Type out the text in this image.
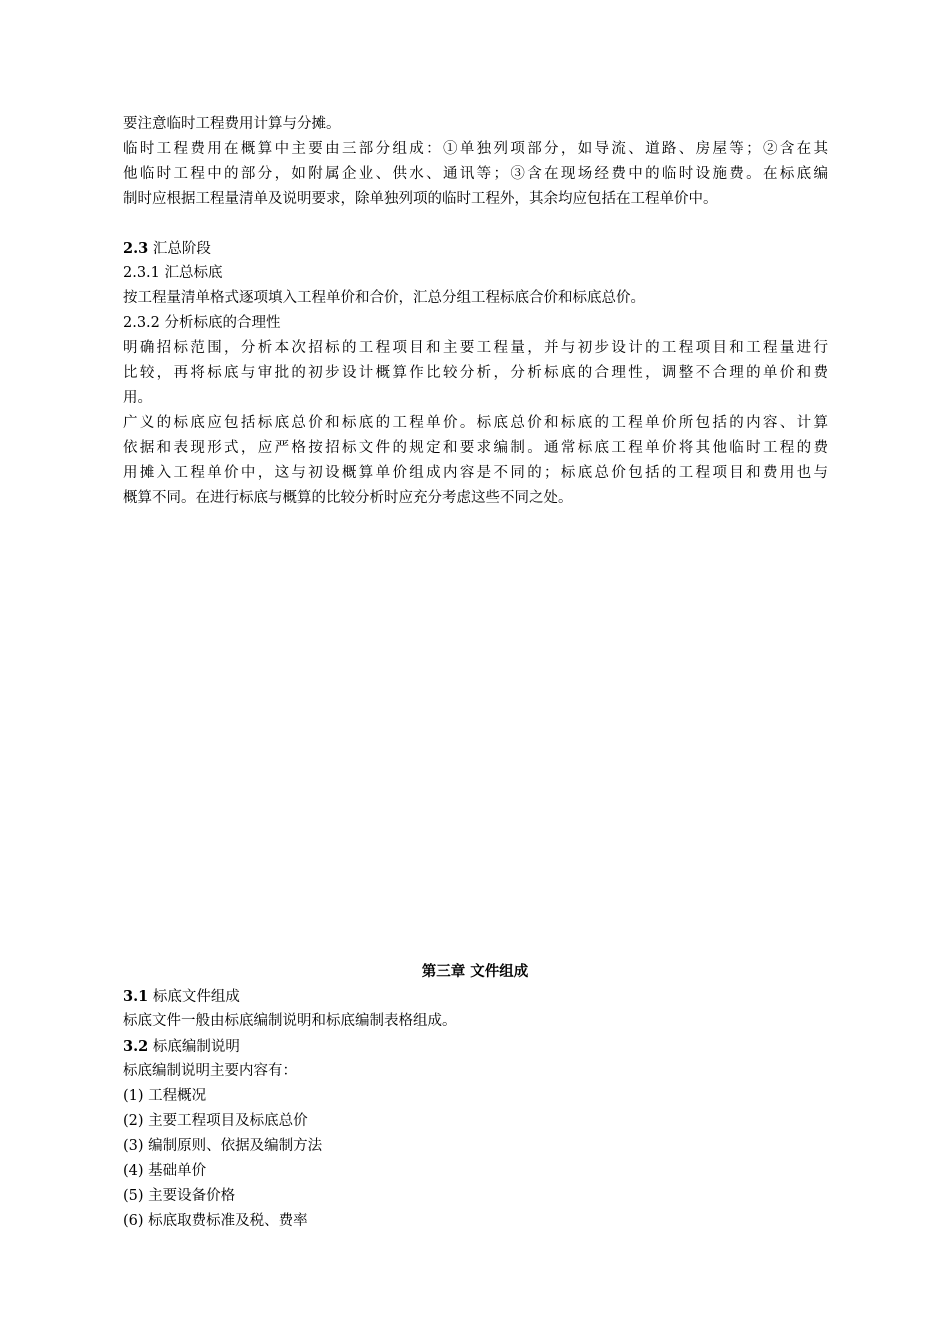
要注意临时工程费用计算与分摊。
临时工程费用在概算中主要由三部分组成：①单独列项部分，如导流、道路、房屋等；②含在其
他临时工程中的部分，如附属企业、供水、通讯等；③含在现场经费中的临时设施费。在标底编
制时应根据工程量清单及说明要求，除单独列项的临时工程外，其余均应包括在工程单价中。
2.3 汇总阶段
2.3.1 汇总标底
按工程量清单格式逐项填入工程单价和合价，汇总分组工程标底合价和标底总价。
2.3.2 分析标底的合理性
明确招标范围，分析本次招标的工程项目和主要工程量，并与初步设计的工程项目和工程量进行
比较，再将标底与审批的初步设计概算作比较分析，分析标底的合理性，调整不合理的单价和费
用。
广义的标底应包括标底总价和标底的工程单价。标底总价和标底的工程单价所包括的内容、计算
依据和表现形式，应严格按招标文件的规定和要求编制。通常标底工程单价将其他临时工程的费
用摊入工程单价中，这与初设概算单价组成内容是不同的；标底总价包括的工程项目和费用也与
概算不同。在进行标底与概算的比较分析时应充分考虑这些不同之处。
第三章 文件组成
3.1 标底文件组成
标底文件一般由标底编制说明和标底编制表格组成。
3.2 标底编制说明
标底编制说明主要内容有：
(1) 工程概况
(2) 主要工程项目及标底总价
(3) 编制原则、依据及编制方法
(4) 基础单价
(5) 主要设备价格
(6) 标底取费标准及税、费率
